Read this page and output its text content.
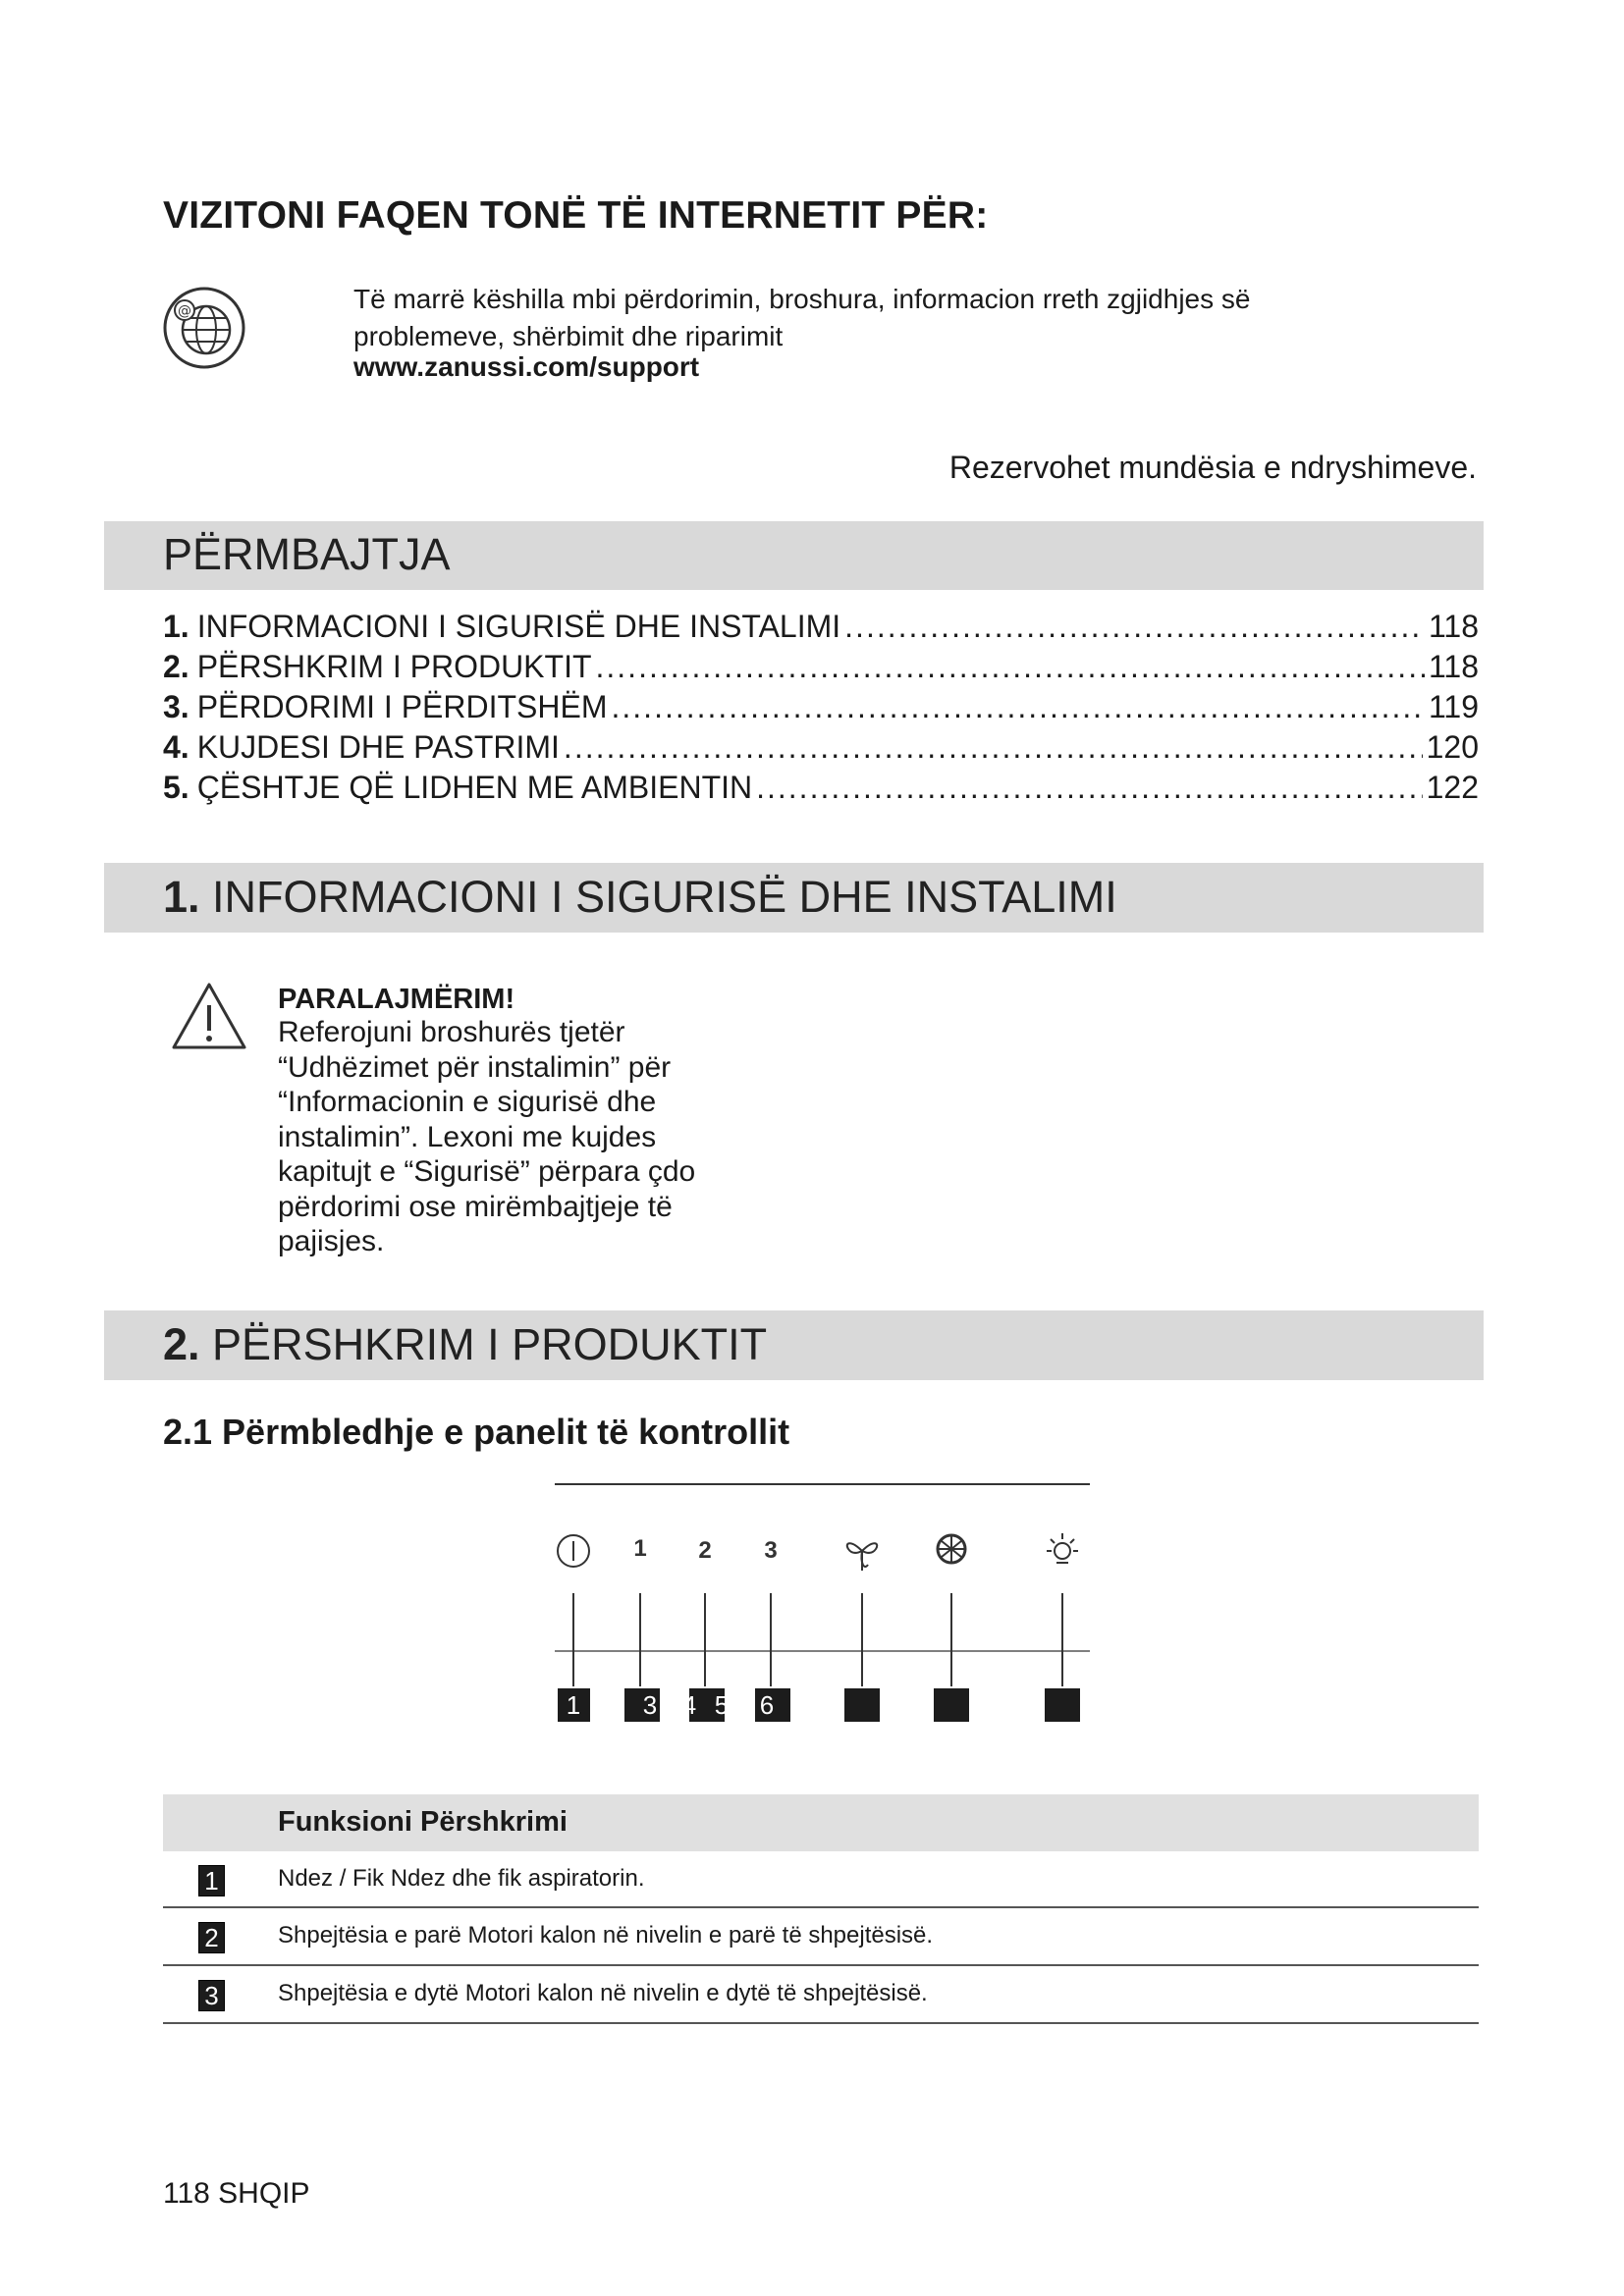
VIZITONI FAQEN TONË TË INTERNETIT PËR:
@	Të marrë këshilla mbi përdorimin, broshura, informacion rreth zgjidhjes së problemeve, shërbimit dhe riparimit
www.zanussi.com/support
Rezervohet mundësia e ndryshimeve.
PËRMBAJTJA
1. INFORMACIONI I SIGURISË DHE INSTALIMI .....	118
2. PËRSHKRIM I PRODUKTIT .....	118
3. PËRDORIMI I PËRDITSHËM .....	119
4. KUJDESI DHE PASTRIMI .....	120
5. ÇËSHTJE QË LIDHEN ME AMBIENTIN .....	122
1. INFORMACIONI I SIGURISË DHE INSTALIMI
PARALAJMËRIM!
Referojuni broshurës tjetër “Udhëzimet për instalimin” për “Informacionin e sigurisë dhe instalimin”. Lexoni me kujdes kapitujt e “Sigurisë” përpara çdo përdorimi ose mirëmbajtjeje të pajisjes.
2. PËRSHKRIM I PRODUKTIT
2.1 Përmbledhje e panelit të kontrollit
1 2 3
1 3 4 5 6
Funksioni Përshkrimi
1	Ndez / Fik Ndez dhe fik aspiratorin.
2	Shpejtësia e parë Motori kalon në nivelin e parë të shpejtësisë.
3	Shpejtësia e dytë Motori kalon në nivelin e dytë të shpejtësisë.
118 SHQIP
